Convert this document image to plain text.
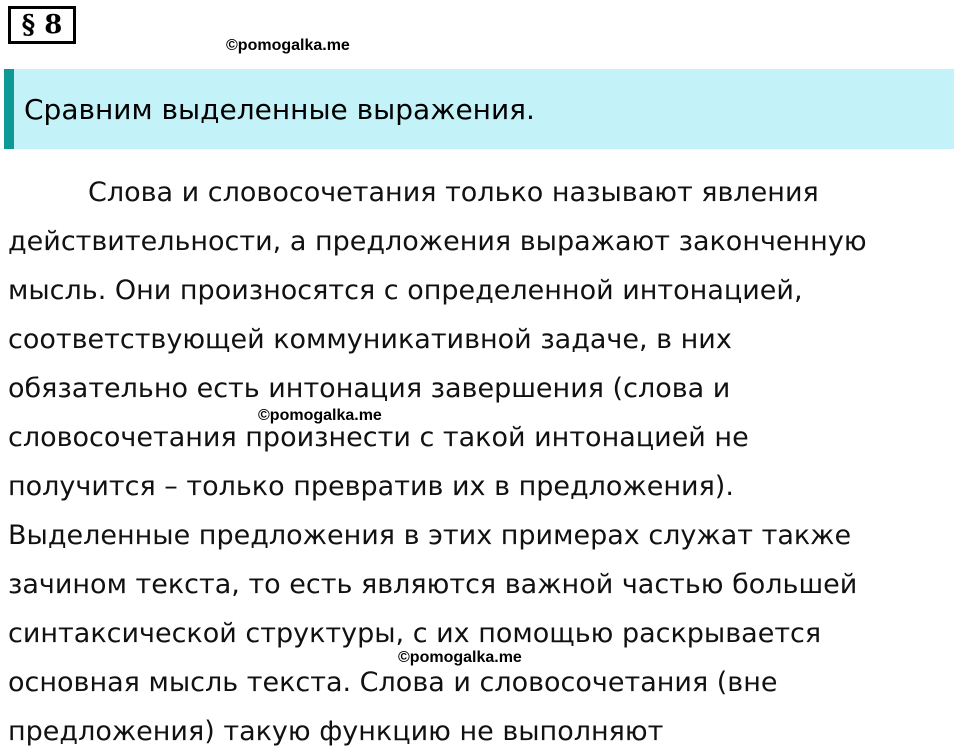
§ 8
©pomogalka.me
Сравним выделенные выражения.
Слова и словосочетания только называют явления
действительности, а предложения выражают законченную
мысль. Они произносятся с определенной интонацией,
соответствующей коммуникативной задаче, в них
обязательно есть интонация завершения (слова и
словосочетания произнести с такой интонацией не
получится – только превратив их в предложения).
Выделенные предложения в этих примерах служат также
зачином текста, то есть являются важной частью большей
синтаксической структуры, с их помощью раскрывается
основная мысль текста. Слова и словосочетания (вне
предложения) такую функцию не выполняют
©pomogalka.me
©pomogalka.me
